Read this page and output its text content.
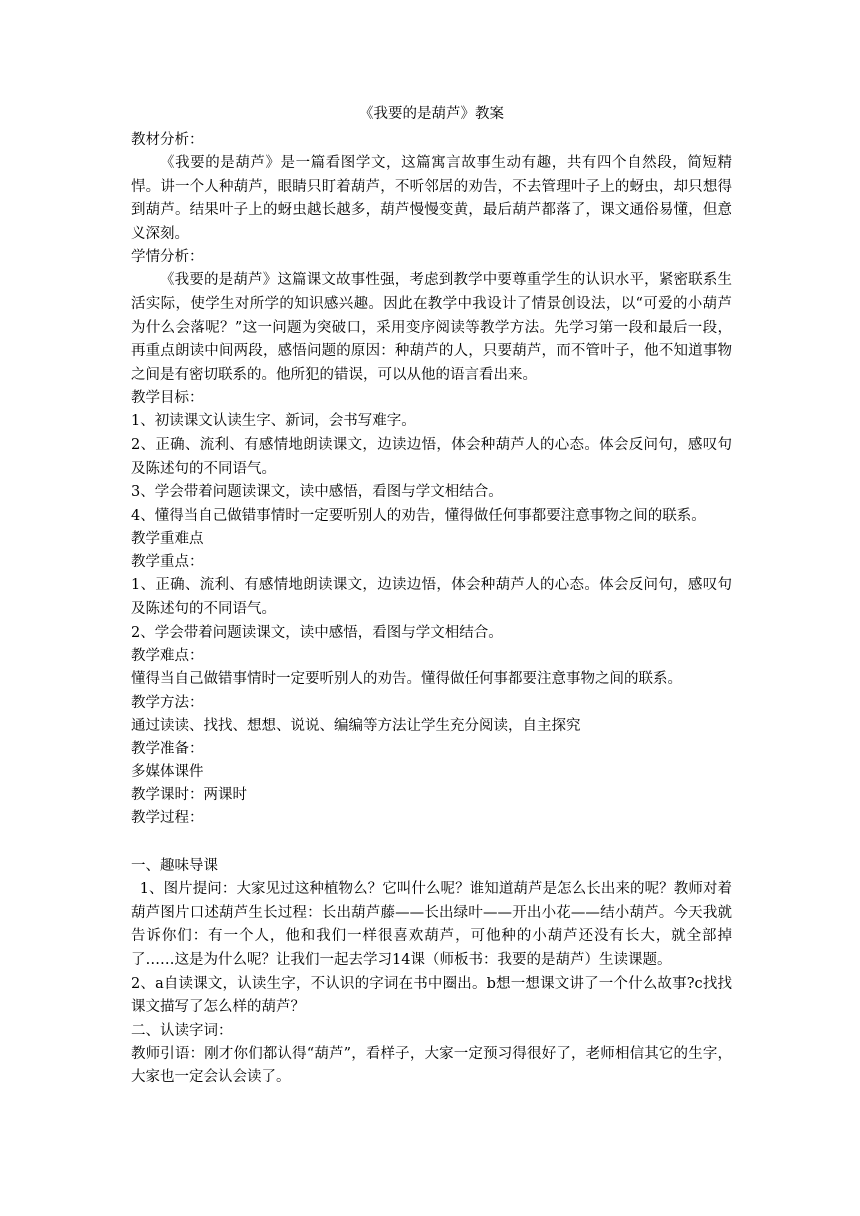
《我要的是葫芦》教案

教材分析：

《我要的是葫芦》是一篇看图学文，这篇寓言故事生动有趣，共有四个自然段，简短精悍。讲一个人种葫芦，眼睛只盯着葫芦，不听邻居的劝告，不去管理叶子上的蚜虫，却只想得到葫芦。结果叶子上的蚜虫越长越多，葫芦慢慢变黄，最后葫芦都落了，课文通俗易懂，但意义深刻。

学情分析：

《我要的是葫芦》这篇课文故事性强，考虑到教学中要尊重学生的认识水平，紧密联系生活实际，使学生对所学的知识感兴趣。因此在教学中我设计了情景创设法，以“可爱的小葫芦为什么会落呢？”这一问题为突破口，采用变序阅读等教学方法。先学习第一段和最后一段，再重点朗读中间两段，感悟问题的原因：种葫芦的人，只要葫芦，而不管叶子，他不知道事物之间是有密切联系的。他所犯的错误，可以从他的语言看出来。

教学目标：

1、初读课文认读生字、新词，会书写难字。

2、正确、流利、有感情地朗读课文，边读边悟，体会种葫芦人的心态。体会反问句，感叹句及陈述句的不同语气。

3、学会带着问题读课文，读中感悟，看图与学文相结合。

4、懂得当自己做错事情时一定要听别人的劝告，懂得做任何事都要注意事物之间的联系。

教学重难点

教学重点：

1、正确、流利、有感情地朗读课文，边读边悟，体会种葫芦人的心态。体会反问句，感叹句及陈述句的不同语气。

2、学会带着问题读课文，读中感悟，看图与学文相结合。

教学难点：

懂得当自己做错事情时一定要听别人的劝告。懂得做任何事都要注意事物之间的联系。

教学方法：

通过读读、找找、想想、说说、编编等方法让学生充分阅读，自主探究

教学准备：

多媒体课件

教学课时：两课时

教学过程：

一、趣味导课

1、图片提问：大家见过这种植物么？它叫什么呢？谁知道葫芦是怎么长出来的呢？教师对着葫芦图片口述葫芦生长过程：长出葫芦藤——长出绿叶——开出小花——结小葫芦。今天我就告诉你们：有一个人，他和我们一样很喜欢葫芦，可他种的小葫芦还没有长大，就全部掉了……这是为什么呢？让我们一起去学习14课（师板书：我要的是葫芦）生读课题。

2、a自读课文，认读生字，不认识的字词在书中圈出。b想一想课文讲了一个什么故事?c找找课文描写了怎么样的葫芦？

二、认读字词：

教师引语：刚才你们都认得“葫芦”，看样子，大家一定预习得很好了，老师相信其它的生字，大家也一定会认会读了。
